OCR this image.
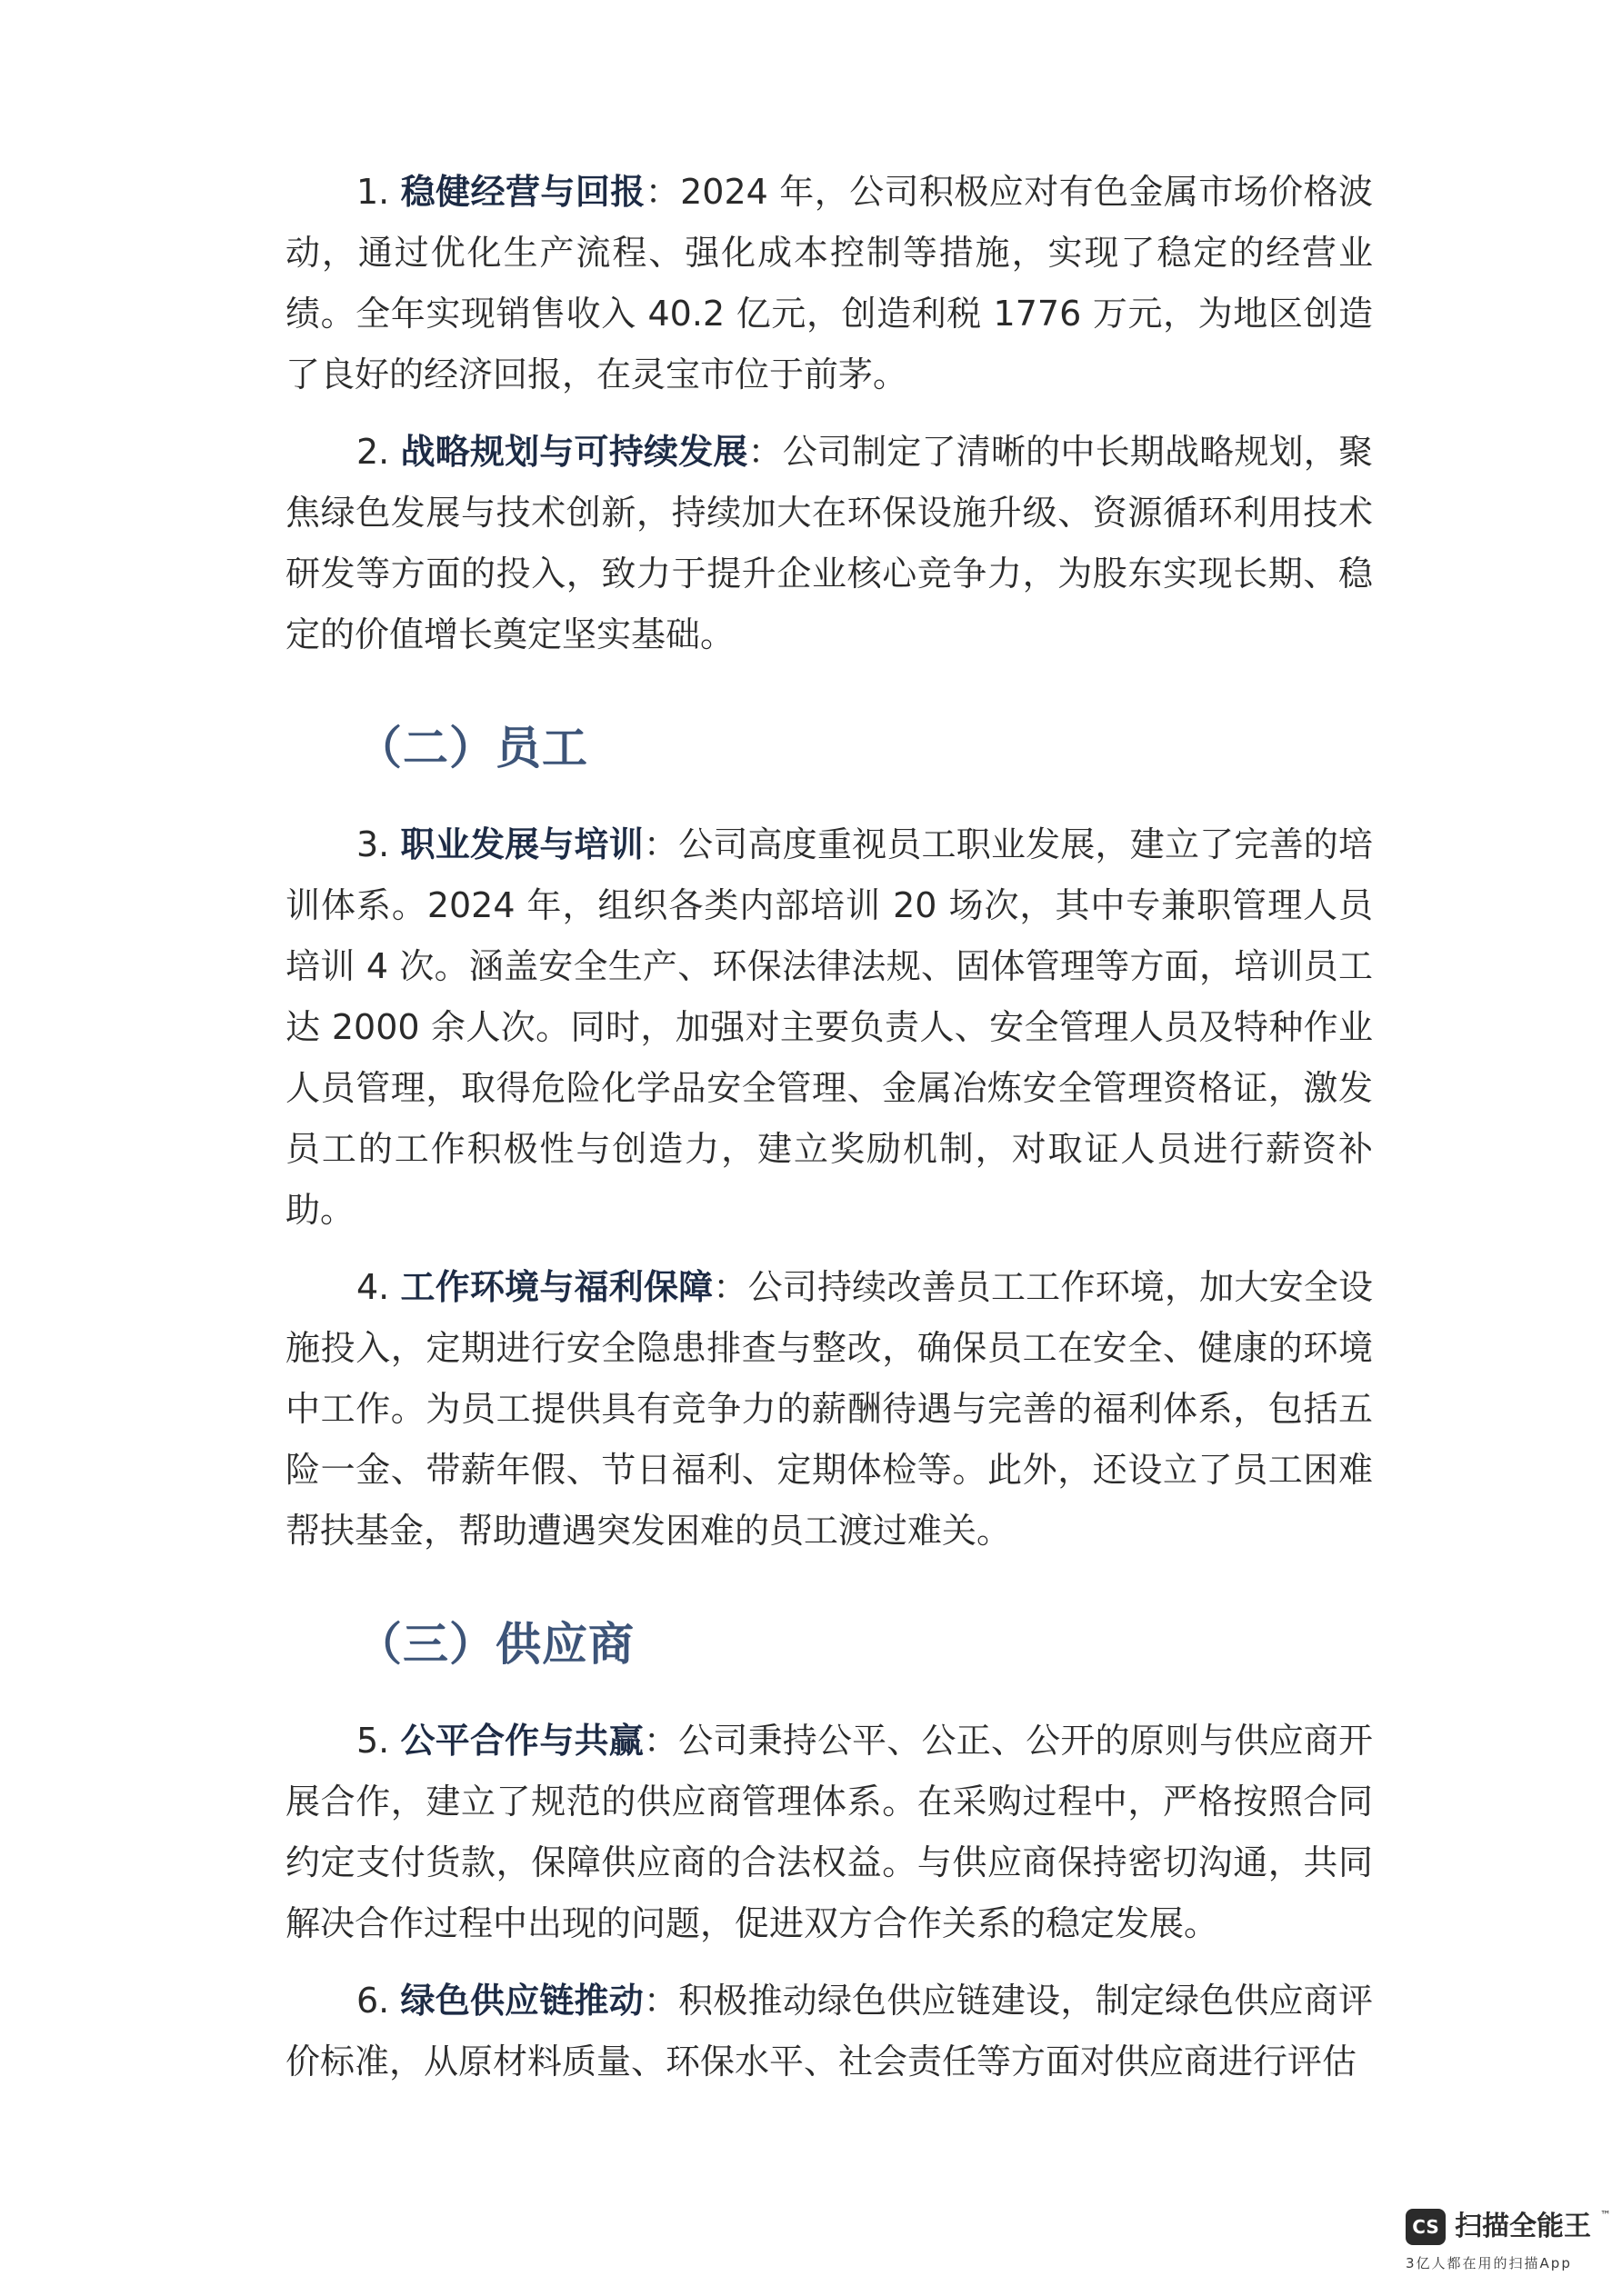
1. 稳健经营与回报：2024 年，公司积极应对有色金属市场价格波动，通过优化生产流程、强化成本控制等措施，实现了稳定的经营业绩。全年实现销售收入 40.2 亿元，创造利税 1776 万元，为地区创造了良好的经济回报，在灵宝市位于前茅。

2. 战略规划与可持续发展：公司制定了清晰的中长期战略规划，聚焦绿色发展与技术创新，持续加大在环保设施升级、资源循环利用技术研发等方面的投入，致力于提升企业核心竞争力，为股东实现长期、稳定的价值增长奠定坚实基础。

（二）员工

3. 职业发展与培训：公司高度重视员工职业发展，建立了完善的培训体系。2024 年，组织各类内部培训 20 场次，其中专兼职管理人员培训 4 次。涵盖安全生产、环保法律法规、固体管理等方面，培训员工达 2000 余人次。同时，加强对主要负责人、安全管理人员及特种作业人员管理，取得危险化学品安全管理、金属冶炼安全管理资格证，激发员工的工作积极性与创造力，建立奖励机制，对取证人员进行薪资补助。

4. 工作环境与福利保障：公司持续改善员工工作环境，加大安全设施投入，定期进行安全隐患排查与整改，确保员工在安全、健康的环境中工作。为员工提供具有竞争力的薪酬待遇与完善的福利体系，包括五险一金、带薪年假、节日福利、定期体检等。此外，还设立了员工困难帮扶基金，帮助遭遇突发困难的员工渡过难关。

（三）供应商

5. 公平合作与共赢：公司秉持公平、公正、公开的原则与供应商开展合作，建立了规范的供应商管理体系。在采购过程中，严格按照合同约定支付货款，保障供应商的合法权益。与供应商保持密切沟通，共同解决合作过程中出现的问题，促进双方合作关系的稳定发展。

6. 绿色供应链推动：积极推动绿色供应链建设，制定绿色供应商评价标准，从原材料质量、环保水平、社会责任等方面对供应商进行评估

CS 扫描全能王 ™
3亿人都在用的扫描App
